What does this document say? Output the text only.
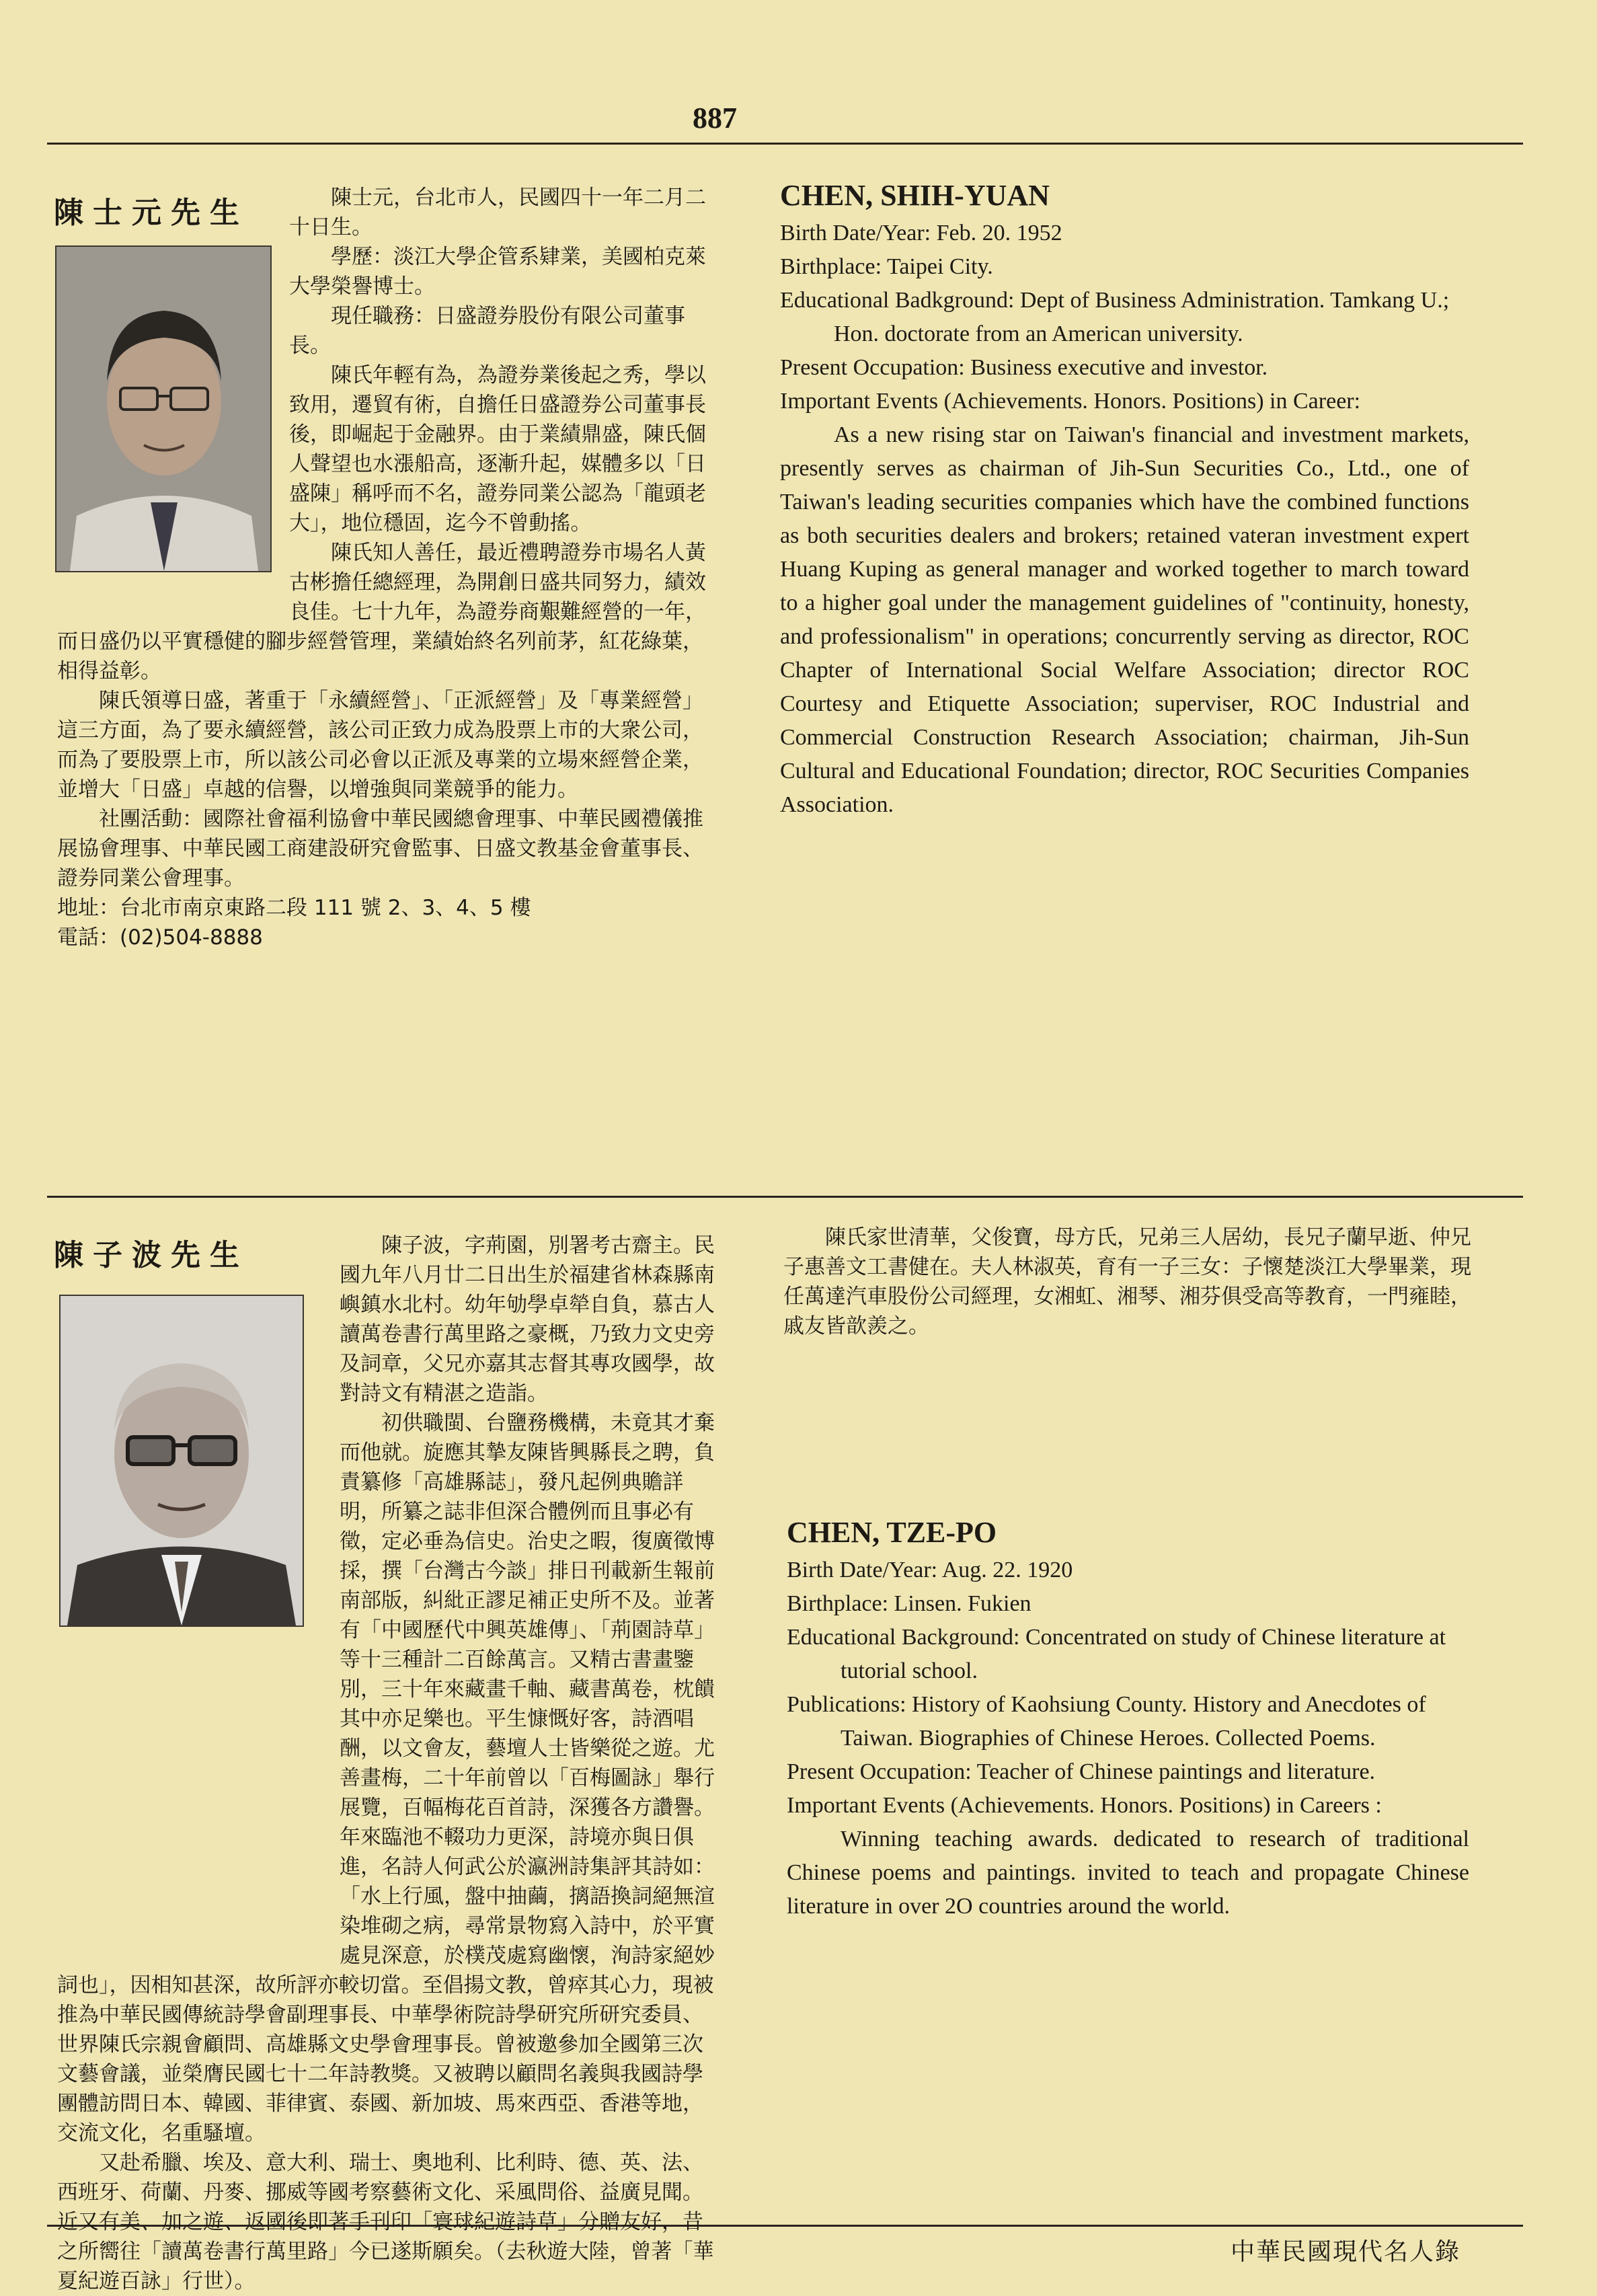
887
陳士元先生	陳士元，台北市人，民國四十一年二月二十日生。

學歷：淡江大學企管系肄業，美國柏克萊大學榮譽博士。

現任職務：日盛證券股份有限公司董事長。

陳氏年輕有為，為證券業後起之秀，學以致用，遷貿有術，自擔任日盛證券公司董事長後，即崛起于金融界。由于業績鼎盛，陳氏個人聲望也水漲船高，逐漸升起，媒體多以「日盛陳」稱呼而不名，證券同業公認為「龍頭老大」，地位穩固，迄今不曾動搖。

陳氏知人善任，最近禮聘證券市場名人黃古彬擔任總經理，為開創日盛共同努力，績效良佳。七十九年，為證券商艱難經營的一年，而日盛仍以平實穩健的腳步經營管理，業績始終名列前茅，紅花綠葉，相得益彰。

陳氏領導日盛，著重于「永續經營」、「正派經營」及「專業經營」這三方面，為了要永續經營，該公司正致力成為股票上市的大衆公司，而為了要股票上市，所以該公司必會以正派及專業的立場來經營企業，並增大「日盛」卓越的信譽，以增強與同業競爭的能力。

社團活動：國際社會福利協會中華民國總會理事、中華民國禮儀推展協會理事、中華民國工商建設研究會監事、日盛文教基金會董事長、證券同業公會理事。

地址：台北市南京東路二段 111 號 2、3、4、5 樓

電話：(02)504-8888

CHEN, SHIH-YUAN

Birth Date/Year: Feb. 20. 1952

Birthplace: Taipei City.

Educational Badkground: Dept of Business Administration. Tamkang U.; Hon. doctorate from an American university.

Present Occupation: Business executive and investor.

Important Events (Achievements. Honors. Positions) in Career:

As a new rising star on Taiwan's financial and investment markets, presently serves as chairman of Jih-Sun Securities Co., Ltd., one of Taiwan's leading securities companies which have the combined functions as both securities dealers and brokers; retained vateran investment expert Huang Kuping as general manager and worked together to march toward to a higher goal under the management guidelines of "continuity, honesty, and professionalism" in operations; concurrently serving as director, ROC Chapter of International Social Welfare Association; director ROC Courtesy and Etiquette Association; superviser, ROC Industrial and Commercial Construction Research Association; chairman, Jih-Sun Cultural and Educational Foundation; director, ROC Securities Companies Association.

陳子波先生	陳子波，字荊園，別署考古齋主。民國九年八月廿二日出生於福建省林森縣南嶼鎮水北村。幼年劬學卓犖自負，慕古人讀萬卷書行萬里路之豪概，乃致力文史旁及詞章，父兄亦嘉其志督其專攻國學，故對詩文有精湛之造詣。

初供職閩、台鹽務機構，未竟其才棄而他就。旋應其摯友陳皆興縣長之聘，負責纂修「高雄縣誌」，發凡起例典贍詳明，所纂之誌非但深合體例而且事必有徵，定必垂為信史。治史之暇，復廣徵博採，撰「台灣古今談」排日刊載新生報前南部版，糾紕正謬足補正史所不及。並著有「中國歷代中興英雄傳」、「荊園詩草」等十三種計二百餘萬言。又精古書畫鑒別，三十年來藏畫千軸、藏書萬卷，枕饋其中亦足樂也。平生慷慨好客，詩酒唱酬，以文會友，藝壇人士皆樂從之遊。尤善畫梅，二十年前曾以「百梅圖詠」舉行展覽，百幅梅花百首詩，深獲各方讚譽。年來臨池不輟功力更深，詩境亦與日俱進，名詩人何武公於瀛洲詩集評其詩如：「水上行風，盤中抽繭，摛語換詞絕無渲染堆砌之病，尋常景物寫入詩中，於平實處見深意，於樸茂處寫幽懷，洵詩家絕妙詞也」，因相知甚深，故所評亦較切當。至倡揚文教，曾瘁其心力，現被推為中華民國傳統詩學會副理事長、中華學術院詩學研究所研究委員、世界陳氏宗親會顧問、高雄縣文史學會理事長。曾被邀參加全國第三次文藝會議，並榮膺民國七十二年詩教獎。又被聘以顧問名義與我國詩學團體訪問日本、韓國、菲律賓、泰國、新加坡、馬來西亞、香港等地，交流文化，名重騷壇。

又赴希臘、埃及、意大利、瑞士、奧地利、比利時、德、英、法、西班牙、荷蘭、丹麥、挪威等國考察藝術文化、采風問俗、益廣見聞。近又有美、加之遊、返國後即著手刊印「寰球紀遊詩草」分贈友好，昔之所嚮往「讀萬卷書行萬里路」今已遂斯願矣。（去秋遊大陸，曾著「華夏紀遊百詠」行世）。

陳氏家世清華，父俊寶，母方氏，兄弟三人居幼，長兄子蘭早逝、仲兄子惠善文工書健在。夫人林淑英，育有一子三女：子懷楚淡江大學畢業，現任萬達汽車股份公司經理，女湘虹、湘琴、湘芬俱受高等教育，一門雍睦，戚友皆歆羨之。

CHEN, TZE-PO

Birth Date/Year: Aug. 22. 1920

Birthplace: Linsen. Fukien

Educational Background: Concentrated on study of Chinese literature at tutorial school.

Publications: History of Kaohsiung County. History and Anecdotes of Taiwan. Biographies of Chinese Heroes. Collected Poems.

Present Occupation: Teacher of Chinese paintings and literature.

Important Events (Achievements. Honors. Positions) in Careers :

Winning teaching awards. dedicated to research of traditional Chinese poems and paintings. invited to teach and propagate Chinese literature in over 2O countries around the world.

中華民國現代名人錄
